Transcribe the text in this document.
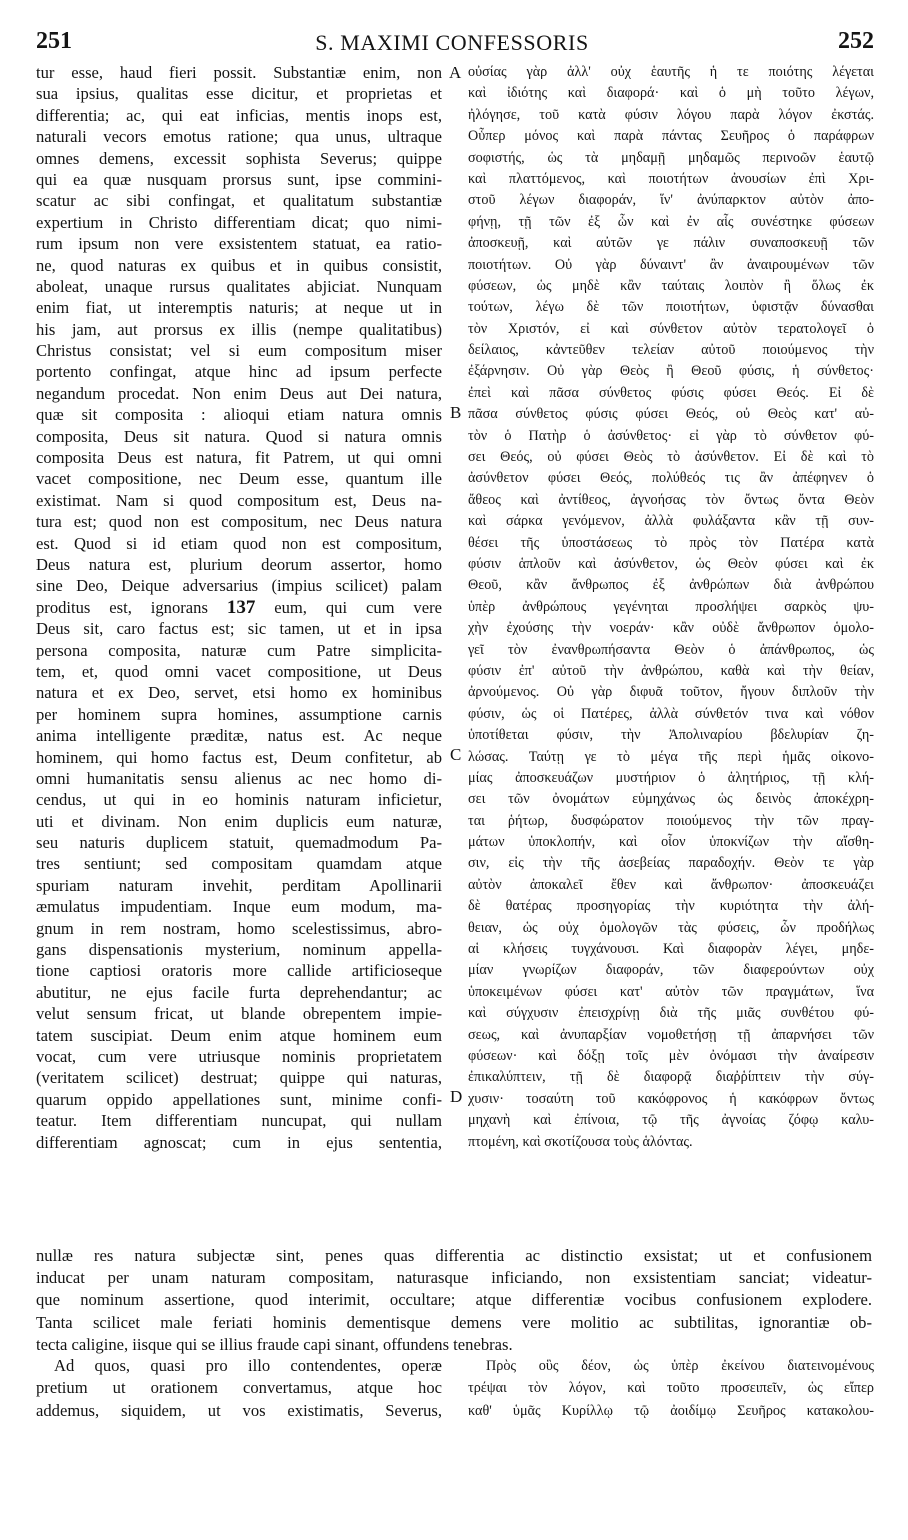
251	S. MAXIMI CONFESSORIS	252
tur esse, haud fieri possit. Substantiæ enim, non
sua ipsius, qualitas esse dicitur, et proprietas et
differentia; ac, qui eat inficias, mentis inops est,
naturali vecors emotus ratione; qua unus, ultraque
omnes demens, excessit sophista Severus; quippe
qui ea quæ nusquam prorsus sunt, ipse commini-
scatur ac sibi confingat, et qualitatum substantiæ
expertium in Christo differentiam dicat; quo nimi-
rum ipsum non vere exsistentem statuat, ea ratio-
ne, quod naturas ex quibus et in quibus consistit,
aboleat, unaque rursus qualitates abjiciat. Nunquam
enim fiat, ut interemptis naturis; at neque ut in
his jam, aut prorsus ex illis (nempe qualitatibus)
Christus consistat; vel si eum compositum miser
portento confingat, atque hinc ad ipsum perfecte
negandum procedat. Non enim Deus aut Dei natura,
quæ sit composita : alioqui etiam natura omnis
composita, Deus sit natura. Quod si natura omnis
composita Deus est natura, fit Patrem, ut qui omni
vacet compositione, nec Deum esse, quantum ille
existimat. Nam si quod compositum est, Deus na-
tura est; quod non est compositum, nec Deus natura
est. Quod si id etiam quod non est compositum,
Deus natura est, plurium deorum assertor, homo
sine Deo, Deique adversarius (impius scilicet) palam
proditus est, ignorans 137 eum, qui cum vere
Deus sit, caro factus est; sic tamen, ut et in ipsa
persona composita, naturæ cum Patre simplicita-
tem, et, quod omni vacet compositione, ut Deus
natura et ex Deo, servet, etsi homo ex hominibus
per hominem supra homines, assumptione carnis
anima intelligente præditæ, natus est. Ac neque
hominem, qui homo factus est, Deum confitetur, ab
omni humanitatis sensu alienus ac nec homo di-
cendus, ut qui in eo hominis naturam inficietur,
uti et divinam. Non enim duplicis eum naturæ,
seu naturis duplicem statuit, quemadmodum Pa-
tres sentiunt; sed compositam quamdam atque
spuriam naturam invehit, perditam Apollinarii
æmulatus impudentiam. Inque eum modum, ma-
gnum in rem nostram, homo scelestissimus, abro-
gans dispensationis mysterium, nominum appella-
tione captiosi oratoris more callide artificioseque
abutitur, ne ejus facile furta deprehendantur; ac
velut sensum fricat, ut blande obrepentem impie-
tatem suscipiat. Deum enim atque hominem eum
vocat, cum vere utriusque nominis proprietatem
(veritatem scilicet) destruat; quippe qui naturas,
quarum oppido appellationes sunt, minime confi-
teatur. Item differentiam nuncupat, qui nullam
differentiam agnoscat; cum in ejus sententia,
οὐσίας γὰρ ἀλλ' οὐχ ἑαυτῆς ἡ τε ποιότης λέγεται
καὶ ἰδιότης καὶ διαφορά· καὶ ὁ μὴ τοῦτο λέγων,
ἠλόγησε, τοῦ κατὰ φύσιν λόγου παρὰ λόγον ἐκστάς.
Οὗπερ μόνος καὶ παρὰ πάντας Σευῆρος ὁ παράφρων
σοφιστής, ὡς τὰ μηδαμῇ μηδαμῶς περινοῶν ἑαυτῷ
καὶ πλαττόμενος, καὶ ποιοτήτων ἀνουσίων ἐπὶ Χρι-
στοῦ λέγων διαφοράν, ἵν' ἀνύπαρκτον αὐτὸν ἀπο-
φήνῃ, τῇ τῶν ἐξ ὧν καὶ ἐν αἷς συνέστηκε φύσεων
ἀποσκευῇ, καὶ αὐτῶν γε πάλιν συναποσκευῇ τῶν
ποιοτήτων. Οὐ γὰρ δύναιντ' ἂν ἀναιρουμένων τῶν
φύσεων, ὡς μηδὲ κἂν ταύταις λοιπὸν ἢ ὅλως ἐκ
τούτων, λέγω δὲ τῶν ποιοτήτων, ὑφιστᾷν δύνασθαι
τὸν Χριστόν, εἰ καὶ σύνθετον αὐτὸν τερατολογεῖ ὁ
δείλαιος, κἀντεῦθεν τελείαν αὐτοῦ ποιούμενος τὴν
ἐξάρνησιν. Οὐ γὰρ Θεὸς ἢ Θεοῦ φύσις, ἡ σύνθετος·
ἐπεὶ καὶ πᾶσα σύνθετος φύσις φύσει Θεός. Εἰ δὲ
πᾶσα σύνθετος φύσις φύσει Θεός, οὐ Θεὸς κατ' αὐ-
τὸν ὁ Πατὴρ ὁ ἀσύνθετος· εἰ γὰρ τὸ σύνθετον φύ-
σει Θεός, οὐ φύσει Θεὸς τὸ ἀσύνθετον. Εἰ δὲ καὶ τὸ
ἀσύνθετον φύσει Θεός, πολύθεός τις ἂν ἀπέφηνεν ὁ
ἄθεος καὶ ἀντίθεος, ἀγνοήσας τὸν ὄντως ὄντα Θεὸν
καὶ σάρκα γενόμενον, ἀλλὰ φυλάξαντα κἂν τῇ συν-
θέσει τῆς ὑποστάσεως τὸ πρὸς τὸν Πατέρα κατὰ
φύσιν ἁπλοῦν καὶ ἀσύνθετον, ὡς Θεὸν φύσει καὶ ἐκ
Θεοῦ, κἂν ἄνθρωπος ἐξ ἀνθρώπων διὰ ἀνθρώπου
ὑπὲρ ἀνθρώπους γεγένηται προσλήψει σαρκὸς ψυ-
χὴν ἐχούσης τὴν νοεράν· κἂν οὐδὲ ἄνθρωπον ὁμολο-
γεῖ τὸν ἐνανθρωπήσαντα Θεὸν ὁ ἀπάνθρωπος, ὡς
φύσιν ἐπ' αὐτοῦ τὴν ἀνθρώπου, καθὰ καὶ τὴν θείαν,
ἀρνούμενος. Οὐ γὰρ διφυᾶ τοῦτον, ἤγουν διπλοῦν τὴν
φύσιν, ὡς οἱ Πατέρες, ἀλλὰ σύνθετόν τινα καὶ νόθον
ὑποτίθεται φύσιν, τὴν Ἀπολιναρίου βδελυρίαν ζη-
λώσας. Ταύτῃ γε τὸ μέγα τῆς περὶ ἡμᾶς οἰκονο-
μίας ἀποσκευάζων μυστήριον ὁ ἀλητήριος, τῇ κλή-
σει τῶν ὀνομάτων εὐμηχάνως ὡς δεινὸς ἀποκέχρη-
ται ῥήτωρ, δυσφώρατον ποιούμενος τὴν τῶν πραγ-
μάτων ὑποκλοπήν, καὶ οἷον ὑποκνίζων τὴν αἴσθη-
σιν, εἰς τὴν τῆς ἀσεβείας παραδοχήν. Θεὸν τε γὰρ
αὐτὸν ἀποκαλεῖ ἔθεν καὶ ἄνθρωπον· ἀποσκευάζει
δὲ θατέρας προσηγορίας τὴν κυριότητα τὴν ἀλή-
θειαν, ὡς οὐχ ὁμολογῶν τὰς φύσεις, ὧν προδήλως
αἱ κλήσεις τυγχάνουσι. Καὶ διαφορὰν λέγει, μηδε-
μίαν γνωρίζων διαφοράν, τῶν διαφερούντων οὐχ
ὑποκειμένων φύσει κατ' αὐτὸν τῶν πραγμάτων, ἵνα
καὶ σύγχυσιν ἐπεισχρίνῃ διὰ τῆς μιᾶς συνθέτου φύ-
σεως, καὶ ἀνυπαρξίαν νομοθετήσῃ τῇ ἀπαρνήσει τῶν
φύσεων· καὶ δόξῃ τοῖς μὲν ὀνόμασι τὴν ἀναίρεσιν
ἐπικαλύπτειν, τῇ δὲ διαφορᾷ διαῤῥίπτειν τὴν σύγ-
χυσιν· τοσαύτη τοῦ κακόφρονος ἡ κακόφρων ὄντως
μηχανὴ καὶ ἐπίνοια, τῷ τῆς ἀγνοίας ζόφῳ καλυ-
πτομένη, καὶ σκοτίζουσα τοὺς ἁλόντας.
A
B
C
D
nullæ res natura subjectæ sint, penes quas differentia ac distinctio exsistat; ut et confusionem
inducat per unam naturam compositam, naturasque inficiando, non exsistentiam sanciat; videatur-
que nominum assertione, quod interimit, occultare; atque differentiæ vocibus confusionem explodere.
Tanta scilicet male feriati hominis dementisque demens vere molitio ac subtilitas, ignorantiæ ob-
tecta caligine, iisque qui se illius fraude capi sinant, offundens tenebras.
Ad quos, quasi pro illo contendentes, operæ
pretium ut orationem convertamus, atque hoc
addemus, siquidem, ut vos existimatis, Severus,
Πρὸς οὓς δέον, ὡς ὑπὲρ ἐκείνου διατεινομένους
τρέψαι τὸν λόγον, καὶ τοῦτο προσειπεῖν, ὡς εἴπερ
καθ' ὑμᾶς Κυρίλλῳ τῷ ἀοιδίμῳ Σευῆρος κατακολου-
